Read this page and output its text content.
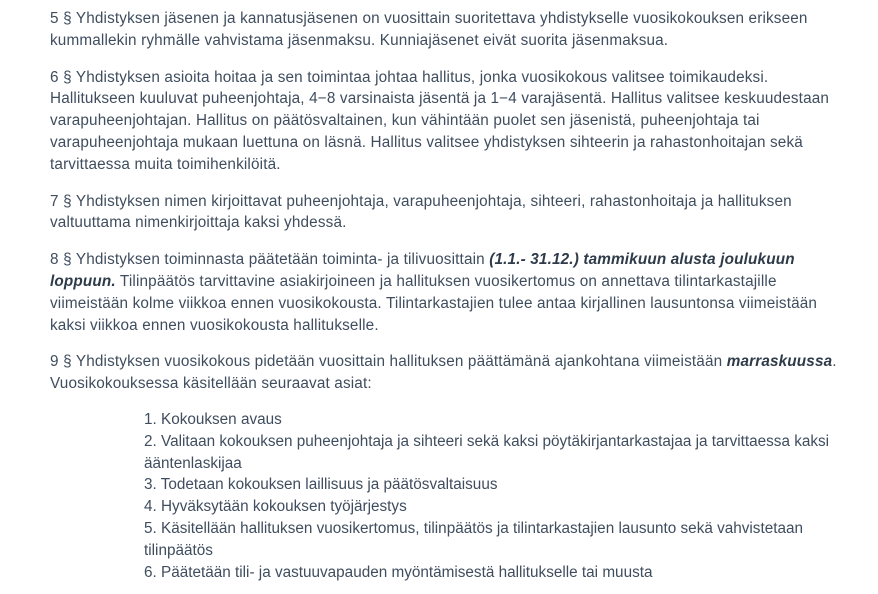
5 § Yhdistyksen jäsenen ja kannatusjäsenen on vuosittain suoritettava yhdistykselle vuosikokouksen erikseen kummallekin ryhmälle vahvistama jäsenmaksu. Kunniajäsenet eivät suorita jäsenmaksua.

6 § Yhdistyksen asioita hoitaa ja sen toimintaa johtaa hallitus, jonka vuosikokous valitsee toimikaudeksi. Hallitukseen kuuluvat puheenjohtaja, 4−8 varsinaista jäsentä ja 1−4 varajäsentä. Hallitus valitsee keskuudestaan varapuheenjohtajan. Hallitus on päätösvaltainen, kun vähintään puolet sen jäsenistä, puheenjohtaja tai varapuheenjohtaja mukaan luettuna on läsnä. Hallitus valitsee yhdistyksen sihteerin ja rahastonhoitajan sekä tarvittaessa muita toimihenkilöitä.

7 § Yhdistyksen nimen kirjoittavat puheenjohtaja, varapuheenjohtaja, sihteeri, rahastonhoitaja ja hallituksen valtuuttama nimenkirjoittaja kaksi yhdessä.

8 § Yhdistyksen toiminnasta päätetään toiminta- ja tilivuosittain (1.1.- 31.12.) tammikuun alusta joulukuun loppuun. Tilinpäätös tarvittavine asiakirjoineen ja hallituksen vuosikertomus on annettava tilintarkastajille viimeistään kolme viikkoa ennen vuosikokousta. Tilintarkastajien tulee antaa kirjallinen lausuntonsa viimeistään kaksi viikkoa ennen vuosikokousta hallitukselle.

9 § Yhdistyksen vuosikokous pidetään vuosittain hallituksen päättämänä ajankohtana viimeistään marraskuussa. Vuosikokouksessa käsitellään seuraavat asiat:

1. Kokouksen avaus
2. Valitaan kokouksen puheenjohtaja ja sihteeri sekä kaksi pöytäkirjantarkastajaa ja tarvittaessa kaksi ääntenlaskijaa
3. Todetaan kokouksen laillisuus ja päätösvaltaisuus
4. Hyväksytään kokouksen työjärjestys
5. Käsitellään hallituksen vuosikertomus, tilinpäätös ja tilintarkastajien lausunto sekä vahvistetaan tilinpäätös
6. Päätetään tili- ja vastuuvapauden myöntämisestä hallitukselle tai muusta
